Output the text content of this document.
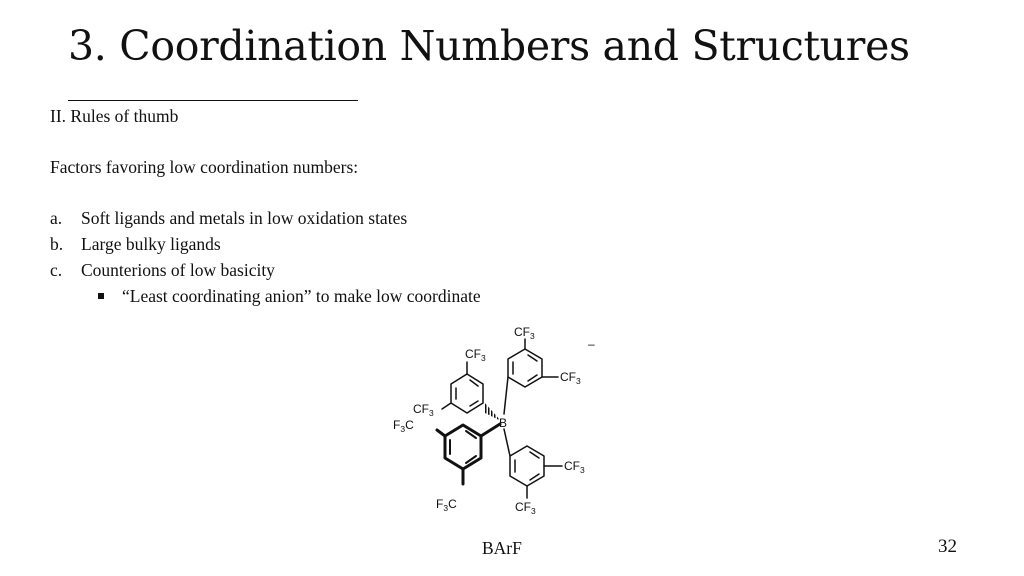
3. Coordination Numbers and Structures
II. Rules of thumb
Factors favoring low coordination numbers:
a. Soft ligands and metals in low oxidation states
b. Large bulky ligands
c. Counterions of low basicity
“Least coordinating anion” to make low coordinate
B
–
$CF_3$
$CF_3$
$CF_3$
$CF_3$
$CF_3$
$CF_3$
$F_3C$
$F_3C$
BArF	32
